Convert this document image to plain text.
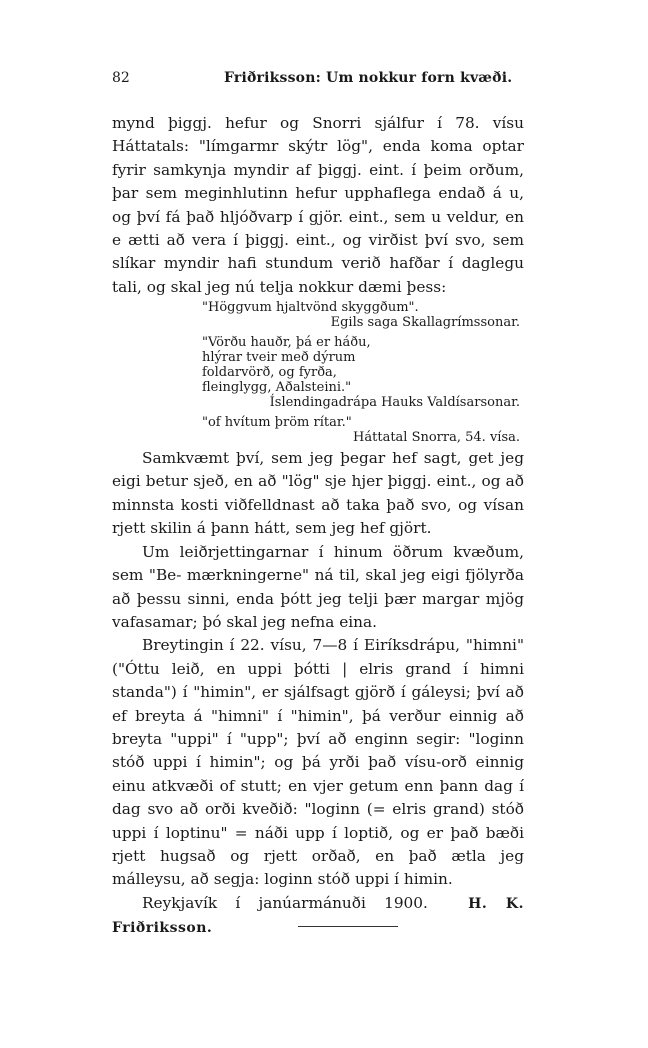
82	Friðriksson: Um nokkur forn kvæði.

mynd þiggj. hefur og Snorri sjálfur í 78. vísu Háttatals: "límgarmr skýtr lög", enda koma optar fyrir samkynja myndir af þiggj. eint. í þeim orðum, þar sem meginhlutinn hefur upphaflega endað á u, og því fá það hljóðvarp í gjör. eint., sem u veldur, en e ætti að vera í þiggj. eint., og virðist því svo, sem slíkar myndir hafi stundum verið hafðar í daglegu tali, og skal jeg nú telja nokkur dæmi þess:

"Höggvum hjaltvönd skyggðum".
Egils saga Skallagrímssonar.
"Vörðu hauðr, þá er háðu,
hlýrar tveir með dýrum
foldarvörð, og fyrða,
fleinglygg, Aðalsteini."
Íslendingadrápa Hauks Valdísarsonar.
"of hvítum þröm rítar."
Háttatal Snorra, 54. vísa.

Samkvæmt því, sem jeg þegar hef sagt, get jeg eigi betur sjeð, en að "lög" sje hjer þiggj. eint., og að minnsta kosti viðfelldnast að taka það svo, og vísan rjett skilin á þann hátt, sem jeg hef gjört.

Um leiðrjettingarnar í hinum öðrum kvæðum, sem "Be- mærkningerne" ná til, skal jeg eigi fjölyrða að þessu sinni, enda þótt jeg telji þær margar mjög vafasamar; þó skal jeg nefna eina.

Breytingin í 22. vísu, 7—8 í Eiríksdrápu, "himni" ("Óttu leið, en uppi þótti | elris grand í himni standa") í "himin", er sjálfsagt gjörð í gáleysi; því að ef breyta á "himni" í "himin", þá verður einnig að breyta "uppi" í "upp"; því að enginn segir: "loginn stóð uppi í himin"; og þá yrði það vísu-orð einnig einu atkvæði of stutt; en vjer getum enn þann dag í dag svo að orði kveðið: "loginn (= elris grand) stóð uppi í loptinu" = náði upp í loptið, og er það bæði rjett hugsað og rjett orðað, en það ætla jeg málleysu, að segja: loginn stóð uppi í himin.

Reykjavík í janúarmánuði 1900.	H. K. Friðriksson.
